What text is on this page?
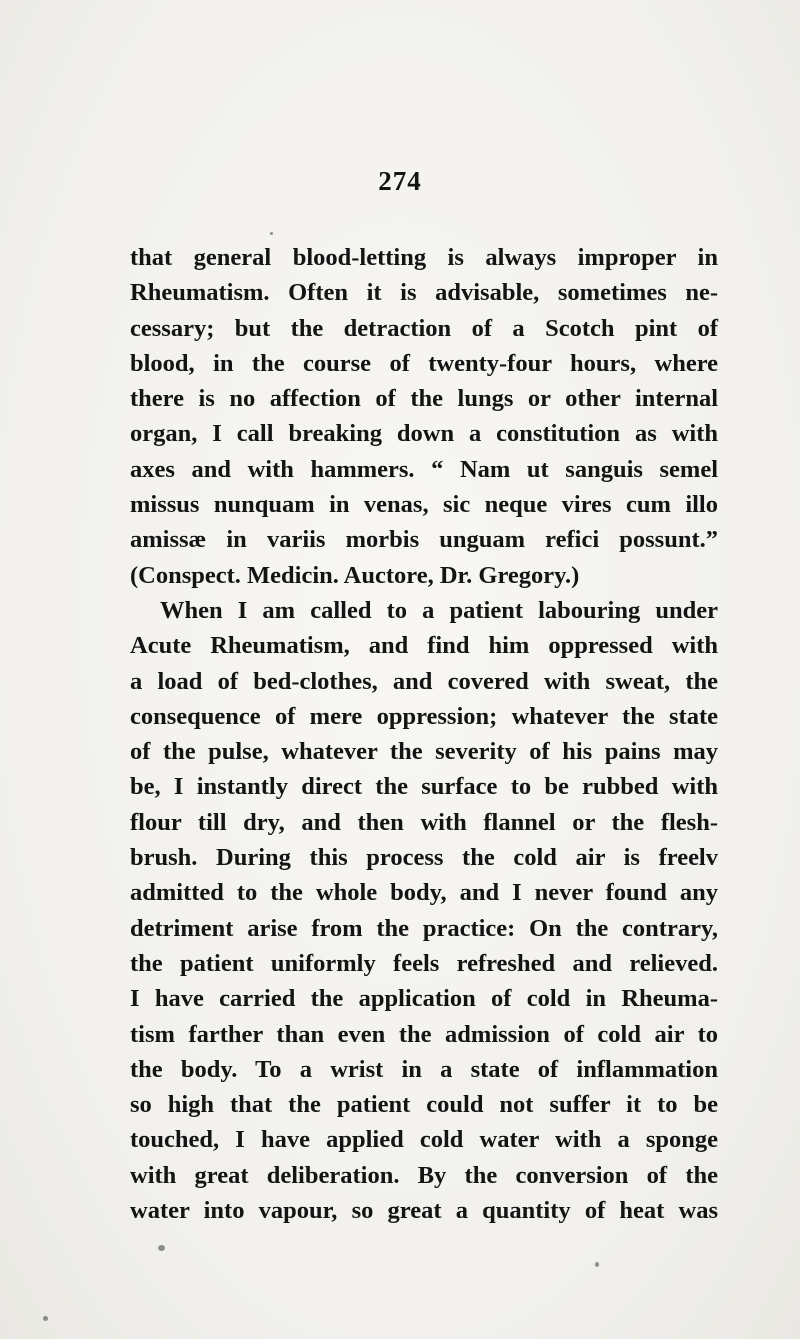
274
that general blood-letting is always improper in
Rheumatism. Often it is advisable, sometimes ne-
cessary; but the detraction of a Scotch pint of
blood, in the course of twenty-four hours, where
there is no affection of the lungs or other internal
organ, I call breaking down a constitution as with
axes and with hammers. “ Nam ut sanguis semel
missus nunquam in venas, sic neque vires cum illo
amissæ in variis morbis unguam refici possunt.”
(Conspect. Medicin. Auctore, Dr. Gregory.)
When I am called to a patient labouring under
Acute Rheumatism, and find him oppressed with
a load of bed-clothes, and covered with sweat, the
consequence of mere oppression; whatever the state
of the pulse, whatever the severity of his pains may
be, I instantly direct the surface to be rubbed with
flour till dry, and then with flannel or the flesh-
brush. During this process the cold air is freelv
admitted to the whole body, and I never found any
detriment arise from the practice: On the contrary,
the patient uniformly feels refreshed and relieved.
I have carried the application of cold in Rheuma-
tism farther than even the admission of cold air to
the body. To a wrist in a state of inflammation
so high that the patient could not suffer it to be
touched, I have applied cold water with a sponge
with great deliberation. By the conversion of the
water into vapour, so great a quantity of heat was
